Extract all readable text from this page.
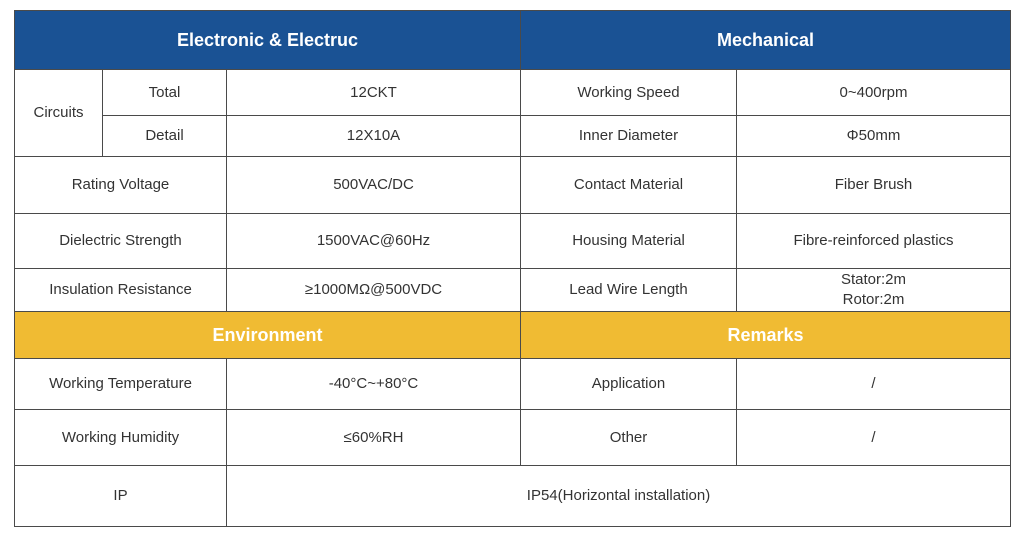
Electronic & Electruc			Mechanical	
Circuits	Total	12CKT	Working Speed	0~400rpm
	Detail	12X10A	Inner Diameter	Φ50mm
Rating Voltage		500VAC/DC	Contact Material	Fiber Brush
Dielectric Strength		1500VAC@60Hz	Housing Material	Fibre-reinforced plastics
Insulation Resistance		≥1000MΩ@500VDC	Lead Wire Length	Stator:2m
Rotor:2m

Environment			Remarks	
Working Temperature		-40°C~+80°C	Application	/
Working Humidity		≤60%RH	Other	/
IP		IP54(Horizontal installation)		
